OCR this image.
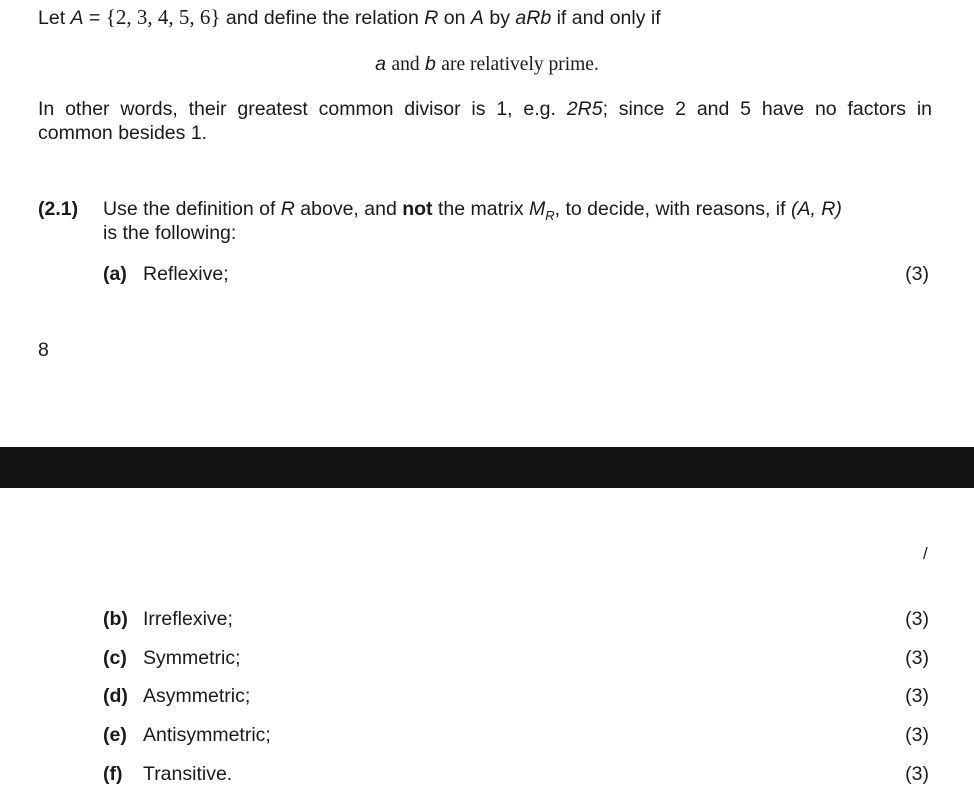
Let A = {2, 3, 4, 5, 6} and define the relation R on A by aRb if and only if
a and b are relatively prime.
In other words, their greatest common divisor is 1, e.g. 2R5; since 2 and 5 have no factors in
common besides 1.
(2.1) Use the definition of R above, and not the matrix $M_R$, to decide, with reasons, if (A, R)
is the following:
(a) Reflexive;	(3)
8
/
(b) Irreflexive;	(3)
(c) Symmetric;	(3)
(d) Asymmetric;	(3)
(e) Antisymmetric;	(3)
(f) Transitive.	(3)
